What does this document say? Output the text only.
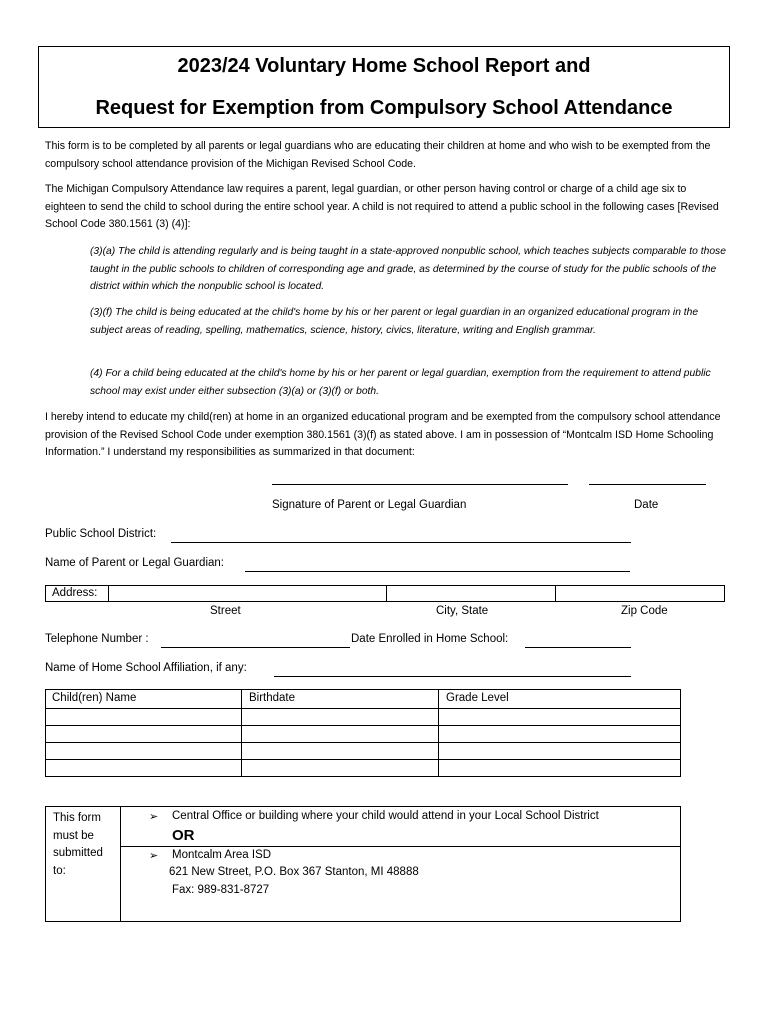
2023/24 Voluntary Home School Report and
Request for Exemption from Compulsory School Attendance
This form is to be completed by all parents or legal guardians who are educating their children at home and who wish to be exempted from the compulsory school attendance provision of the Michigan Revised School Code.
The Michigan Compulsory Attendance law requires a parent, legal guardian, or other person having control or charge of a child age six to eighteen to send the child to school during the entire school year. A child is not required to attend a public school in the following cases [Revised School Code 380.1561 (3) (4)]:
(3)(a) The child is attending regularly and is being taught in a state-approved nonpublic school, which teaches subjects comparable to those taught in the public schools to children of corresponding age and grade, as determined by the course of study for the public schools of the district within which the nonpublic school is located.
(3)(f) The child is being educated at the child's home by his or her parent or legal guardian in an organized educational program in the subject areas of reading, spelling, mathematics, science, history, civics, literature, writing and English grammar.
(4) For a child being educated at the child's home by his or her parent or legal guardian, exemption from the requirement to attend public school may exist under either subsection (3)(a) or (3)(f) or both.
I hereby intend to educate my child(ren) at home in an organized educational program and be exempted from the compulsory school attendance provision of the Revised School Code under exemption 380.1561 (3)(f) as stated above. I am in possession of “Montcalm ISD Home Schooling Information.” I understand my responsibilities as summarized in that document:
Signature of Parent or Legal Guardian	Date
Public School District:
Name of Parent or Legal Guardian:
Address:
Street	City, State	Zip Code
Telephone Number :	Date Enrolled in Home School:
Name of Home School Affiliation, if any:
Child(ren) Name	Birthdate	Grade Level
This form must be submitted to:
➢ Central Office or building where your child would attend in your Local School District
OR
➢ Montcalm Area ISD
621 New Street, P.O. Box 367 Stanton, MI 48888
Fax: 989-831-8727
